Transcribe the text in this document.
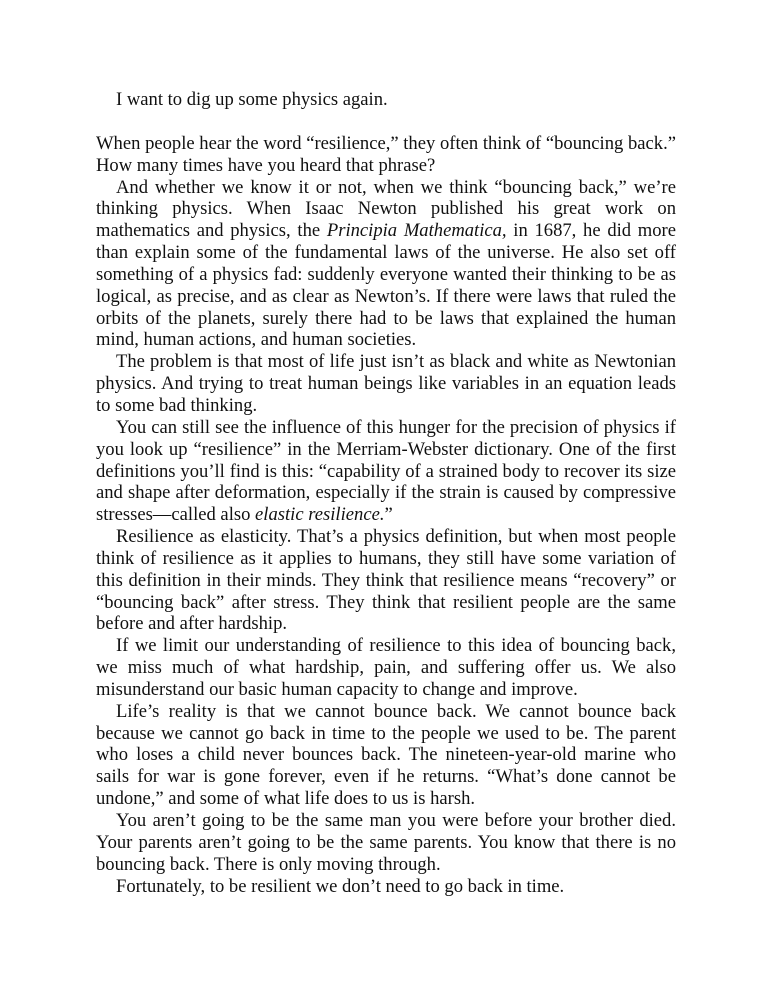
I want to dig up some physics again.

When people hear the word “resilience,” they often think of “bouncing back.” How many times have you heard that phrase?

And whether we know it or not, when we think “bouncing back,” we’re thinking physics. When Isaac Newton published his great work on mathematics and physics, the Principia Mathematica, in 1687, he did more than explain some of the fundamental laws of the universe. He also set off something of a physics fad: suddenly everyone wanted their thinking to be as logical, as precise, and as clear as Newton’s. If there were laws that ruled the orbits of the planets, surely there had to be laws that explained the human mind, human actions, and human societies.

The problem is that most of life just isn’t as black and white as Newtonian physics. And trying to treat human beings like variables in an equation leads to some bad thinking.

You can still see the influence of this hunger for the precision of physics if you look up “resilience” in the Merriam-Webster dictionary. One of the first definitions you’ll find is this: “capability of a strained body to recover its size and shape after deformation, especially if the strain is caused by compressive stresses—called also elastic resilience.”

Resilience as elasticity. That’s a physics definition, but when most people think of resilience as it applies to humans, they still have some variation of this definition in their minds. They think that resilience means “recovery” or “bouncing back” after stress. They think that resilient people are the same before and after hardship.

If we limit our understanding of resilience to this idea of bouncing back, we miss much of what hardship, pain, and suffering offer us. We also misunderstand our basic human capacity to change and improve.

Life’s reality is that we cannot bounce back. We cannot bounce back because we cannot go back in time to the people we used to be. The parent who loses a child never bounces back. The nineteen-year-old marine who sails for war is gone forever, even if he returns. “What’s done cannot be undone,” and some of what life does to us is harsh.

You aren’t going to be the same man you were before your brother died. Your parents aren’t going to be the same parents. You know that there is no bouncing back. There is only moving through.

Fortunately, to be resilient we don’t need to go back in time.
